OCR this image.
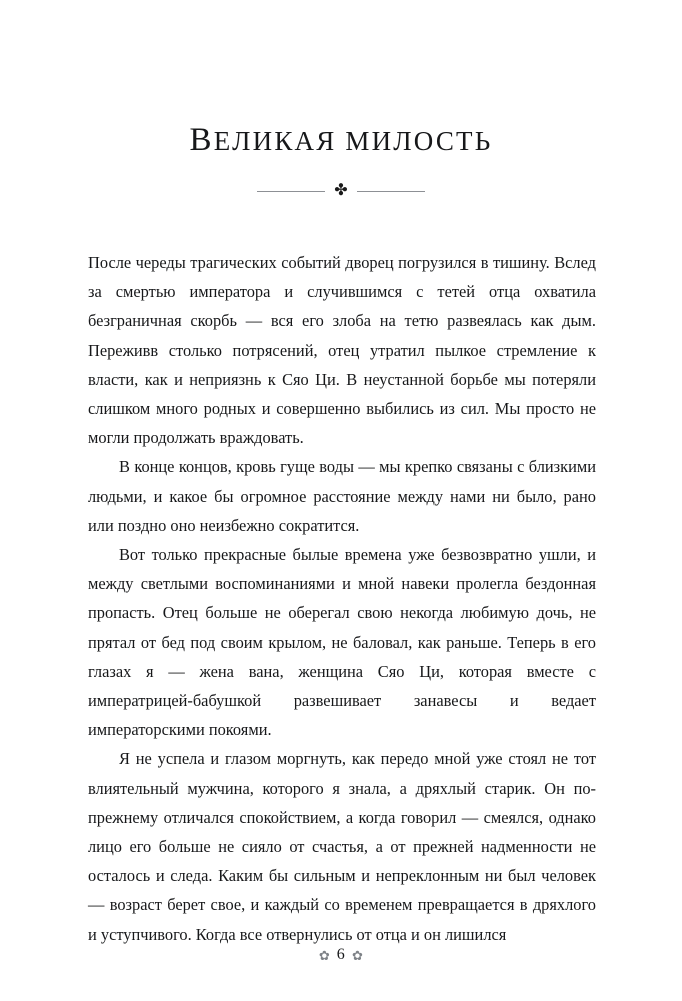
ВЕЛИКАЯ МИЛОСТЬ
✤

После череды трагических событий дворец погрузился в тишину. Вслед за смертью императора и случившимся с тетей отца охватила безграничная скорбь — вся его злоба на тетю развеялась как дым. Переживв столько потрясений, отец утратил пылкое стремление к власти, как и неприязнь к Сяо Ци. В неустанной борьбе мы потеряли слишком много родных и совершенно выбились из сил. Мы просто не могли продолжать враждовать.

В конце концов, кровь гуще воды — мы крепко связаны с близкими людьми, и какое бы огромное расстояние между нами ни было, рано или поздно оно неизбежно сократится.

Вот только прекрасные былые времена уже безвозвратно ушли, и между светлыми воспоминаниями и мной навеки пролегла бездонная пропасть. Отец больше не оберегал свою некогда любимую дочь, не прятал от бед под своим крылом, не баловал, как раньше. Теперь в его глазах я — жена вана, женщина Сяо Ци, которая вместе с императрицей-бабушкой развешивает занавесы и ведает императорскими покоями.

Я не успела и глазом моргнуть, как передо мной уже стоял не тот влиятельный мужчина, которого я знала, а дряхлый старик. Он по-прежнему отличался спокойствием, а когда говорил — смеялся, однако лицо его больше не сияло от счастья, а от прежней надменности не осталось и следа. Каким бы сильным и непреклонным ни был человек — возраст берет свое, и каждый со временем превращается в дряхлого и уступчивого. Когда все отвернулись от отца и он лишился

✿ 6 ✿
